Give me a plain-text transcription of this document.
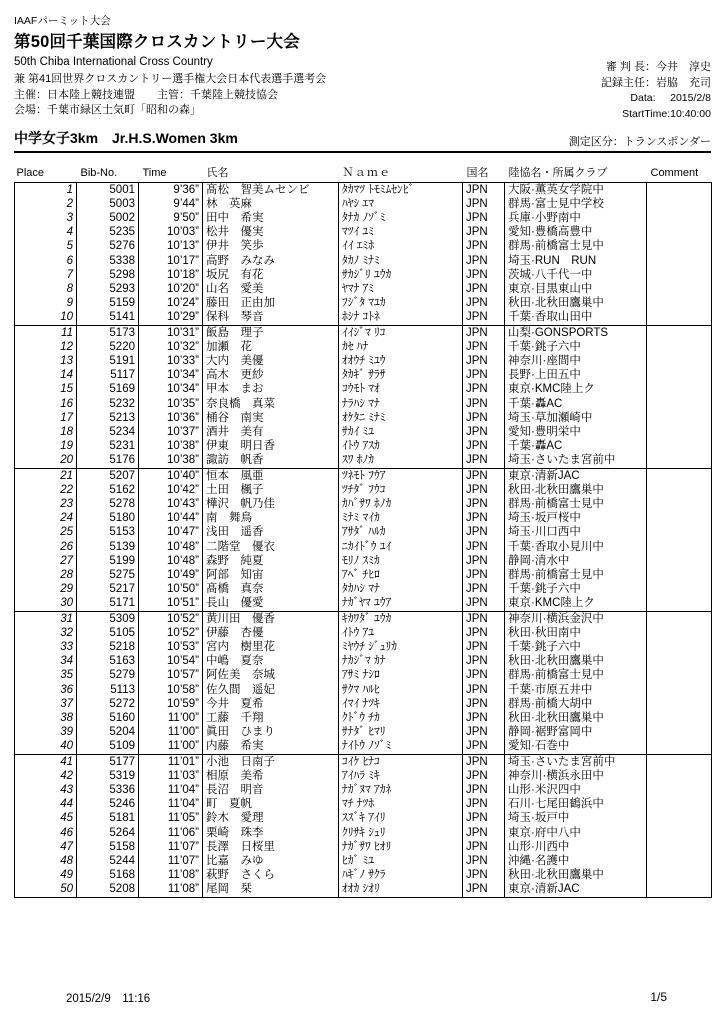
IAAFパーミット大会
第50回千葉国際クロスカントリー大会
50th Chiba International Cross Country
兼 第41回世界クロスカントリー選手権大会日本代表選手選考会
主催：日本陸上競技連盟　　主管：千葉陸上競技協会
会場：千葉市緑区土気町「昭和の森」
審 判 長：今井　淳史
記録主任：岩脇　充司
Data: 2015/2/8
StartTime:10:40:00
中学女子3km　Jr.H.S.Women 3km	測定区分：トランスポンダー
Place	Bib-No.	Time	氏名	Ｎａｍｅ	国名	陸協名・所属クラブ	Comment
1	5001	9’36”	髙松　智美ムセンビ	ﾀｶﾏﾂ ﾄﾓﾐﾑｾﾝﾋﾞ	JPN	大阪·薫英女学院中	
2	5003	9’44”	林　英麻	ﾊﾔｼ ｴﾏ	JPN	群馬·富士見中学校	
3	5002	9’50”	田中　希実	ﾀﾅｶ ﾉｿﾞﾐ	JPN	兵庫·小野南中	
4	5235	10’03”	松井　優実	ﾏﾂｲ ﾕﾐ	JPN	愛知·豊橋高豊中	
5	5276	10’13”	伊井　笑歩	ｲｲ ｴﾐﾎ	JPN	群馬·前橋富士見中	
6	5338	10’17”	高野　みなみ	ﾀｶﾉ ﾐﾅﾐ	JPN	埼玉·RUN　RUN	
7	5298	10’18”	坂尻　有花	ｻｶｼﾞﾘ ﾕｳｶ	JPN	茨城·八千代一中	
8	5293	10’20”	山名　愛美	ﾔﾏﾅ ｱﾐ	JPN	東京·目黒東山中	
9	5159	10’24”	藤田　正由加	ﾌｼﾞﾀ ﾏﾕｶ	JPN	秋田·北秋田鷹巣中	
10	5141	10’29”	保科　琴音	ﾎｼﾅ ｺﾄﾈ	JPN	千葉·香取山田中	
11	5173	10’31”	飯島　理子	ｲｲｼﾞﾏ ﾘｺ	JPN	山梨·GONSPORTS	
12	5220	10’32”	加瀬　花	ｶｾ ﾊﾅ	JPN	千葉·銚子六中	
13	5191	10’33”	大内　美優	ｵｵｳﾁ ﾐﾕｳ	JPN	神奈川·座間中	
14	5117	10’34”	高木　更紗	ﾀｶｷﾞ ｻﾗｻ	JPN	長野·上田五中	
15	5169	10’34”	甲本　まお	ｺｳﾓﾄ ﾏｵ	JPN	東京·KMC陸上ク	
16	5232	10’35”	奈良橋　真菜	ﾅﾗﾊｼ ﾏﾅ	JPN	千葉·轟AC	
17	5213	10’36”	桶谷　南実	ｵｹﾀﾆ ﾐﾅﾐ	JPN	埼玉·草加瀬崎中	
18	5234	10’37”	酒井　美有	ｻｶｲ ﾐﾕ	JPN	愛知·豊明栄中	
19	5231	10’38”	伊東　明日香	ｲﾄｳ ｱｽｶ	JPN	千葉·轟AC	
20	5176	10’38”	諏訪　帆香	ｽﾜ ﾎﾉｶ	JPN	埼玉·さいたま宮前中	
21	5207	10’40”	恒本　風亜	ﾂﾈﾓﾄ ﾌｳｱ	JPN	東京·清新JAC	
22	5162	10’42”	土田　楓子	ﾂﾁﾀﾞ ﾌｳｺ	JPN	秋田·北秋田鷹巣中	
23	5278	10’43”	樺沢　帆乃佳	ｶﾊﾞｻﾜ ﾎﾉｶ	JPN	群馬·前橋富士見中	
24	5180	10’44”	南　舞鳥	ﾐﾅﾐ ﾏｲｶ	JPN	埼玉·坂戸桜中	
25	5153	10’47”	浅田　遥香	ｱｻﾀﾞ ﾊﾙｶ	JPN	埼玉·川口西中	
26	5139	10’48”	二階堂　優衣	ﾆｶｲﾄﾞｳ ﾕｲ	JPN	千葉·香取小見川中	
27	5199	10’48”	森野　純夏	ﾓﾘﾉ ｽﾐｶ	JPN	静岡·清水中	
28	5275	10’49”	阿部　知宙	ｱﾍﾞ ﾁﾋﾛ	JPN	群馬·前橋富士見中	
29	5217	10’50”	髙橋　真奈	ﾀｶﾊｼ ﾏﾅ	JPN	千葉·銚子六中	
30	5171	10’51”	長山　優愛	ﾅｶﾞﾔﾏ ﾕｳｱ	JPN	東京·KMC陸上ク	
31	5309	10’52”	黄川田　優香	ｷｶﾜﾀﾞ ﾕｳｶ	JPN	神奈川·横浜金沢中	
32	5105	10’52”	伊藤　杏優	ｲﾄｳ ｱﾕ	JPN	秋田·秋田南中	
33	5218	10’53”	宮内　樹里花	ﾐﾔｳﾁ ｼﾞｭﾘｶ	JPN	千葉·銚子六中	
34	5163	10’54”	中嶋　夏奈	ﾅｶｼﾞﾏ ｶﾅ	JPN	秋田·北秋田鷹巣中	
35	5279	10’57”	阿佐美　奈城	ｱｻﾐ ﾅｼﾛ	JPN	群馬·前橋富士見中	
36	5113	10’58”	佐久間　遥妃	ｻｸﾏ ﾊﾙﾋ	JPN	千葉·市原五井中	
37	5272	10’59”	今井　夏希	ｲﾏｲ ﾅﾂｷ	JPN	群馬·前橋大胡中	
38	5160	11’00”	工藤　千翔	ｸﾄﾞｳ ﾁｶ	JPN	秋田·北秋田鷹巣中	
39	5204	11’00”	眞田　ひまり	ｻﾅﾀﾞ ﾋﾏﾘ	JPN	静岡·裾野富岡中	
40	5109	11’00”	内藤　希実	ﾅｲﾄｳ ﾉｿﾞﾐ	JPN	愛知·石巻中	
41	5177	11’01”	小池　日南子	ｺｲｹ ﾋﾅｺ	JPN	埼玉·さいたま宮前中	
42	5319	11’03”	相原　美希	ｱｲﾊﾗ ﾐｷ	JPN	神奈川·横浜永田中	
43	5336	11’04”	長沼　明音	ﾅｶﾞﾇﾏ ｱｶﾈ	JPN	山形·米沢四中	
44	5246	11’04”	町　夏帆	ﾏﾁ ﾅﾂﾎ	JPN	石川·七尾田鶴浜中	
45	5181	11’05”	鈴木　愛理	ｽｽﾞｷ ｱｲﾘ	JPN	埼玉·坂戸中	
46	5264	11’06”	栗崎　珠李	ｸﾘｻｷ ｼｭﾘ	JPN	東京·府中八中	
47	5158	11’07”	長澤　日桜里	ﾅｶﾞｻﾜ ﾋｵﾘ	JPN	山形·川西中	
48	5244	11’07”	比嘉　みゆ	ﾋｶﾞ ﾐﾕ	JPN	沖縄·名護中	
49	5168	11’08”	萩野　さくら	ﾊｷﾞﾉ ｻｸﾗ	JPN	秋田·北秋田鷹巣中	
50	5208	11’08”	尾岡　栞	ｵｵｶ ｼｵﾘ	JPN	東京·清新JAC	
2015/2/9　11:16	1/5
